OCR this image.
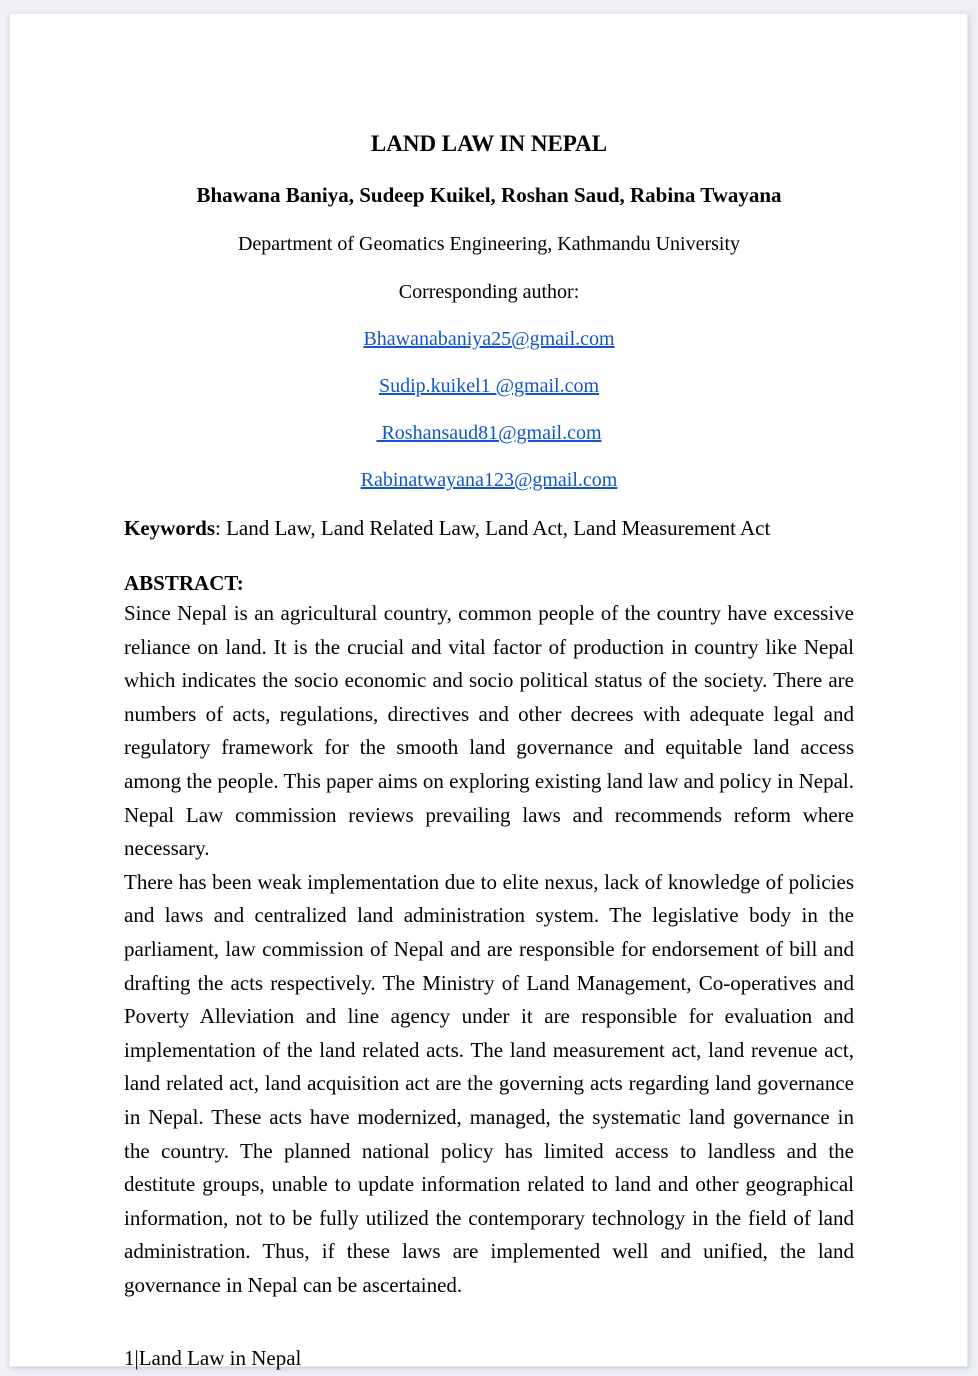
LAND LAW IN NEPAL

Bhawana Baniya, Sudeep Kuikel, Roshan Saud, Rabina Twayana

Department of Geomatics Engineering, Kathmandu University

Corresponding author:

Bhawanabaniya25@gmail.com

Sudip.kuikel1 @gmail.com

Roshansaud81@gmail.com

Rabinatwayana123@gmail.com

Keywords: Land Law, Land Related Law, Land Act, Land Measurement Act

ABSTRACT:

Since Nepal is an agricultural country, common people of the country have excessive reliance on land. It is the crucial and vital factor of production in country like Nepal which indicates the socio economic and socio political status of the society. There are numbers of acts, regulations, directives and other decrees with adequate legal and regulatory framework for the smooth land governance and equitable land access among the people. This paper aims on exploring existing land law and policy in Nepal. Nepal Law commission reviews prevailing laws and recommends reform where necessary.

There has been weak implementation due to elite nexus, lack of knowledge of policies and laws and centralized land administration system. The legislative body in the parliament, law commission of Nepal and are responsible for endorsement of bill and drafting the acts respectively. The Ministry of Land Management, Co-operatives and Poverty Alleviation and line agency under it are responsible for evaluation and implementation of the land related acts. The land measurement act, land revenue act, land related act, land acquisition act are the governing acts regarding land governance in Nepal. These acts have modernized, managed, the systematic land governance in the country. The planned national policy has limited access to landless and the destitute groups, unable to update information related to land and other geographical information, not to be fully utilized the contemporary technology in the field of land administration. Thus, if these laws are implemented well and unified, the land governance in Nepal can be ascertained.

1|Land Law in Nepal
